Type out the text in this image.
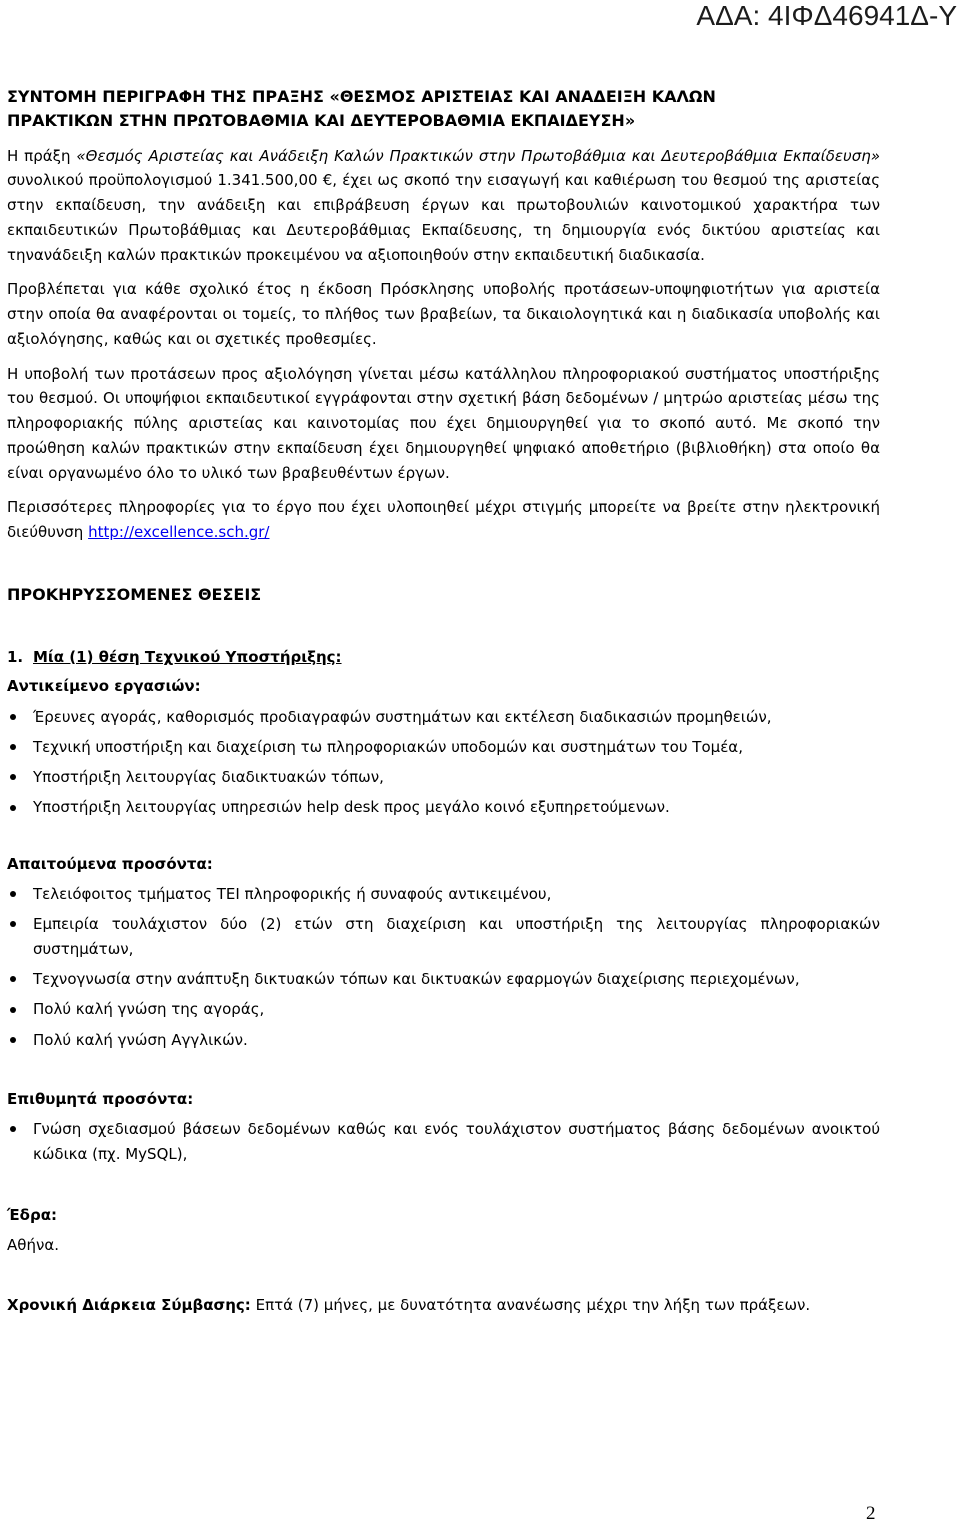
ΑΔΑ: 4ΙΦΔ46941Δ-Υ
ΣΥΝΤΟΜΗ ΠΕΡΙΓΡΑΦΗ ΤΗΣ ΠΡΑΞΗΣ «ΘΕΣΜΟΣ ΑΡΙΣΤΕΙΑΣ ΚΑΙ ΑΝΑΔΕΙΞΗ ΚΑΛΩΝ ΠΡΑΚΤΙΚΩΝ ΣΤΗΝ ΠΡΩΤΟΒΑΘΜΙΑ ΚΑΙ ΔΕΥΤΕΡΟΒΑΘΜΙΑ ΕΚΠΑΙΔΕΥΣΗ»

Η πράξη «Θεσμός Αριστείας και Ανάδειξη Καλών Πρακτικών στην Πρωτοβάθμια και Δευτεροβάθμια Εκπαίδευση» συνολικού προϋπολογισμού 1.341.500,00 €, έχει ως σκοπό την εισαγωγή και καθιέρωση του θεσμού της αριστείας στην εκπαίδευση, την ανάδειξη και επιβράβευση έργων και πρωτοβουλιών καινοτομικού χαρακτήρα των εκπαιδευτικών Πρωτοβάθμιας και Δευτεροβάθμιας Εκπαίδευσης, τη δημιουργία ενός δικτύου αριστείας και τηνανάδειξη καλών πρακτικών προκειμένου να αξιοποιηθούν στην εκπαιδευτική διαδικασία.

Προβλέπεται για κάθε σχολικό έτος η έκδοση Πρόσκλησης υποβολής προτάσεων-υποψηφιοτήτων για αριστεία στην οποία θα αναφέρονται οι τομείς, το πλήθος των βραβείων, τα δικαιολογητικά και η διαδικασία υποβολής και αξιολόγησης, καθώς και οι σχετικές προθεσμίες.

Η υποβολή των προτάσεων προς αξιολόγηση γίνεται μέσω κατάλληλου πληροφοριακού συστήματος υποστήριξης του θεσμού. Οι υποψήφιοι εκπαιδευτικοί εγγράφονται στην σχετική βάση δεδομένων / μητρώο αριστείας μέσω της πληροφοριακής πύλης αριστείας και καινοτομίας που έχει δημιουργηθεί για το σκοπό αυτό. Με σκοπό την προώθηση καλών πρακτικών στην εκπαίδευση έχει δημιουργηθεί ψηφιακό αποθετήριο (βιβλιοθήκη) στα οποίο θα είναι οργανωμένο όλο το υλικό των βραβευθέντων έργων.

Περισσότερες πληροφορίες για το έργο που έχει υλοποιηθεί μέχρι στιγμής μπορείτε να βρείτε στην ηλεκτρονική διεύθυνση http://excellence.sch.gr/

ΠΡΟΚΗΡΥΣΣΟΜΕΝΕΣ ΘΕΣΕΙΣ
1. Μία (1) θέση Τεχνικού Υποστήριξης:
Αντικείμενο εργασιών:
Έρευνες αγοράς, καθορισμός προδιαγραφών συστημάτων και εκτέλεση διαδικασιών προμηθειών,
Τεχνική υποστήριξη και διαχείριση τω πληροφοριακών υποδομών και συστημάτων του Τομέα,
Υποστήριξη λειτουργίας διαδικτυακών τόπων,
Υποστήριξη λειτουργίας υπηρεσιών help desk προς μεγάλο κοινό εξυπηρετούμενων.
Απαιτούμενα προσόντα:
Τελειόφοιτος τμήματος ΤΕΙ πληροφορικής ή συναφούς αντικειμένου,
Εμπειρία τουλάχιστον δύο (2) ετών στη διαχείριση και υποστήριξη της λειτουργίας πληροφοριακών συστημάτων,
Τεχνογνωσία στην ανάπτυξη δικτυακών τόπων και δικτυακών εφαρμογών διαχείρισης περιεχομένων,
Πολύ καλή γνώση της αγοράς,
Πολύ καλή γνώση Αγγλικών.
Επιθυμητά προσόντα:
Γνώση σχεδιασμού βάσεων δεδομένων καθώς και ενός τουλάχιστον συστήματος βάσης δεδομένων ανοικτού κώδικα (πχ. MySQL),
Έδρα:
Αθήνα.
Χρονική Διάρκεια Σύμβασης: Επτά (7) μήνες, με δυνατότητα ανανέωσης μέχρι την λήξη των πράξεων.
2
